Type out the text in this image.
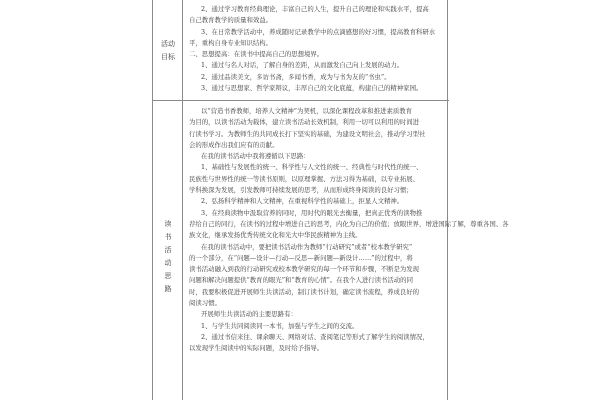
活动
目标

2、通过学习教育经典理论，丰富自己的人生，提升自己的理论和实践水平，提高

自己教育教学的质量和效益。

3、在日常教学活动中，养成随时记录教学中的点滴感想的好习惯，提高教育科研水

平，重构自身专业知识结构。

二、思想提高：在读书中提高自己的思想境界。

1、通过与名人对话，了解自身的差距，从而激发自己向上发展的动力。

2、通过品读美文，多访书斋，多闻书香，成为与书为友的“书虫”。

3、通过与思想家、哲学家辩议，丰厚自己的文化底蕴，构建自己的精神家园。

读
书
活
动
思
路

以“营造书香教师，培养人文精神”为契机，以深化课程改革和推进素质教育

为目的，以读书活动为载体，建立读书活动长效机制，利用一切可以利用的时间进

行读书学习。为教师生的共同成长打下坚实的基础，为建设文明社会，推动学习型社

会的形成作出我们应有的贡献。

在我的读书活动中我将遵循以下思路：

1、基础性与发展性的统一、科学性与人文性的统一、经典性与时代性的统一、

民族性与世界性的统一等读书原则，以原理掌握、方法习得为基础，以专业拓展、

学科换深为发展，引发教师可持续发展的思考，从而形成终身阅读的良好习惯；

2、弘扬科学精神和人文精神，在重视科学性的基础上，拒显人文精神。

3、在经典读物中汲取营养的同时，用时代的眼光去衡量，把真正优秀的读物推

荐给自己的同行，在读书的过程中增进自己的思考，内化为自己的价值；放眼世界，增进国际了解，尊重各国、各

族文化，继承发扬优秀传统文化和光大中华民族精神为主线。

在我的读书活动中，要把读书活动作为教师“行动研究”或者“校本教学研究”

的一个部分，在“问题—设计—行动—反思—新问题—新设计……”的过程中，将

读书活动融入到我的行动研究或校本教学研究的每一个环节和步骤，不断是为发现

问题和解决问题提供“教育的眼光”和“教育的心情”。在我个人进行读书活动的同

时，我要积极促进开展师生共读活动，制订读书计划，确定读书流程，养成良好的

阅读习惯。

开展师生共读活动的主要思路有：

1、与学生共同阅读同一本书，加强与学生之间的交流。

2、通过书信来往、课余聊天、网络对话、查阅笔记等形式了解学生的阅读情况，

以发现学生阅读中的实际问题，及时给予指导。
